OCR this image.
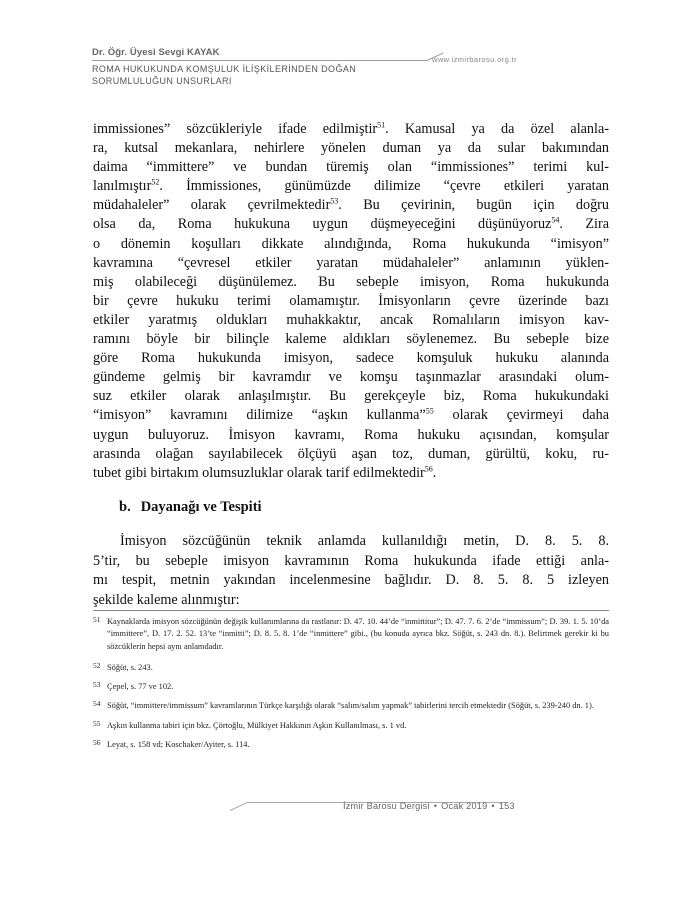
Dr. Öğr. Üyesi Sevgi KAYAK
www.izmirbarosu.org.tr
ROMA HUKUKUNDA KOMŞULUK İLİŞKİLERİNDEN DOĞAN
SORUMLULUĞUN UNSURLARI
immissiones” sözcükleriyle ifade edilmiştir$^{51}$. Kamusal ya da özel alanla-
ra, kutsal mekanlara, nehirlere yönelen duman ya da sular bakımından
daima “immittere” ve bundan türemiş olan “immissiones” terimi kul-
lanılmıştır$^{52}$. İmmissiones, günümüzde dilimize “çevre etkileri yaratan
müdahaleler” olarak çevrilmektedir$^{53}$. Bu çevirinin, bugün için doğru
olsa da, Roma hukukuna uygun düşmeyeceğini düşünüyoruz$^{54}$. Zira
o dönemin koşulları dikkate alındığında, Roma hukukunda “imisyon”
kavramına “çevresel etkiler yaratan müdahaleler” anlamının yüklen-
miş olabileceği düşünülemez. Bu sebeple imisyon, Roma hukukunda
bir çevre hukuku terimi olamamıştır. İmisyonların çevre üzerinde bazı
etkiler yaratmış oldukları muhakkaktır, ancak Romalıların imisyon kav-
ramını böyle bir bilinçle kaleme aldıkları söylenemez. Bu sebeple bize
göre Roma hukukunda imisyon, sadece komşuluk hukuku alanında
gündeme gelmiş bir kavramdır ve komşu taşınmazlar arasındaki olum-
suz etkiler olarak anlaşılmıştır. Bu gerekçeyle biz, Roma hukukundaki
“imisyon” kavramını dilimize “aşkın kullanma”$^{55}$ olarak çevirmeyi daha
uygun buluyoruz. İmisyon kavramı, Roma hukuku açısından, komşular
arasında olağan sayılabilecek ölçüyü aşan toz, duman, gürültü, koku, ru-
tubet gibi birtakım olumsuzluklar olarak tarif edilmektedir$^{56}$.
b. Dayanağı ve Tespiti
İmisyon sözcüğünün teknik anlamda kullanıldığı metin, D. 8. 5. 8.
5’tir, bu sebeple imisyon kavramının Roma hukukunda ifade ettiği anla-
mı tespit, metnin yakından incelenmesine bağlıdır. D. 8. 5. 8. 5 izleyen
şekilde kaleme alınmıştır:
51 Kaynaklarda imisyon sözcüğünün değişik kullanımlarına da rastlanır: D. 47. 10. 44’de “inmittitur”; D. 47. 7. 6. 2’de “immissum”; D. 39. 1. 5. 10’da “immittere”, D. 17. 2. 52. 13’te “inmitti”; D. 8. 5. 8. 1’de “inmittere” gibi., (bu konuda ayrıca bkz. Söğüt, s. 243 dn. 8.). Belirtmek gerekir ki bu sözcüklerin hepsi aynı anlamdadır.
52 Söğüt, s. 243.
53 Çepel, s. 77 ve 102.
54 Söğüt, “immittere/immissum” kavramlarının Türkçe karşılığı olarak “salım/salım yapmak” tabirlerini tercih etmektedir (Söğüt, s. 239-240 dn. 1).
55 Aşkın kullanma tabiri için bkz. Çörtoğlu, Mülkiyet Hakkının Aşkın Kullanılması, s. 1 vd.
56 Leyat, s. 158 vd; Koschaker/Ayiter, s. 114.
İzmir Barosu Dergisi • Ocak 2019 • 153
